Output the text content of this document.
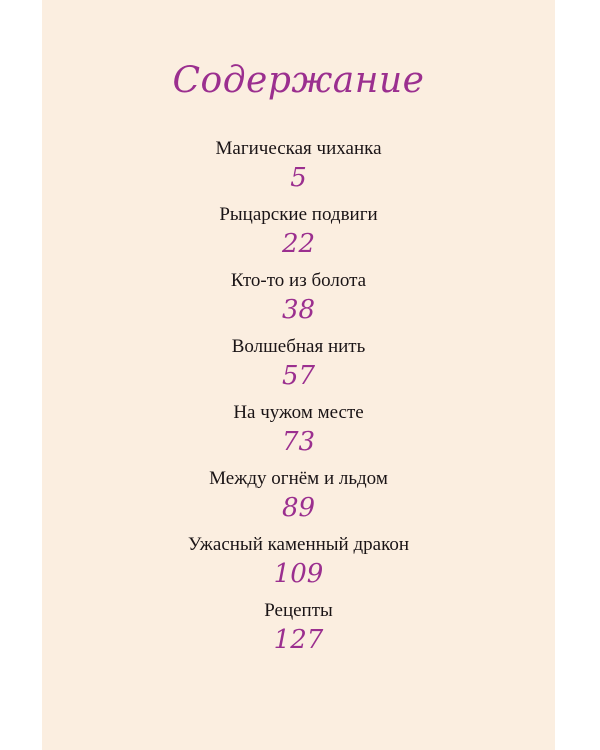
Содержание
Магическая чиханка
5
Рыцарские подвиги
22
Кто-то из болота
38
Волшебная нить
57
На чужом месте
73
Между огнём и льдом
89
Ужасный каменный дракон
109
Рецепты
127
